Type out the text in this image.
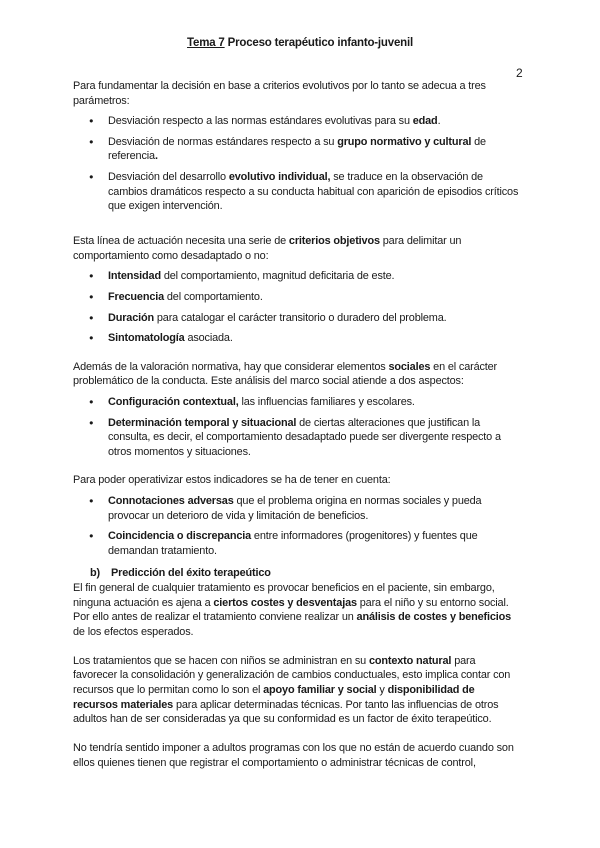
Tema 7 Proceso terapéutico infanto-juvenil
2

Para fundamentar la decisión en base a criterios evolutivos por lo tanto se adecua a tres parámetros:

● Desviación respecto a las normas estándares evolutivas para su edad.
● Desviación de normas estándares respecto a su grupo normativo y cultural de referencia.
● Desviación del desarrollo evolutivo individual, se traduce en la observación de cambios dramáticos respecto a su conducta habitual con aparición de episodios críticos que exigen intervención.

Esta línea de actuación necesita una serie de criterios objetivos para delimitar un comportamiento como desadaptado o no:

● Intensidad del comportamiento, magnitud deficitaria de este.
● Frecuencia del comportamiento.
● Duración para catalogar el carácter transitorio o duradero del problema.
● Sintomatología asociada.

Además de la valoración normativa, hay que considerar elementos sociales en el carácter problemático de la conducta. Este análisis del marco social atiende a dos aspectos:

● Configuración contextual, las influencias familiares y escolares.
● Determinación temporal y situacional de ciertas alteraciones que justifican la consulta, es decir, el comportamiento desadaptado puede ser divergente respecto a otros momentos y situaciones.

Para poder operativizar estos indicadores se ha de tener en cuenta:

● Connotaciones adversas que el problema origina en normas sociales y pueda provocar un deterioro de vida y limitación de beneficios.
● Coincidencia o discrepancia entre informadores (progenitores) y fuentes que demandan tratamiento.

b) Predicción del éxito terapeútico

El fin general de cualquier tratamiento es provocar beneficios en el paciente, sin embargo, ninguna actuación es ajena a ciertos costes y desventajas para el niño y su entorno social. Por ello antes de realizar el tratamiento conviene realizar un análisis de costes y beneficios de los efectos esperados.

Los tratamientos que se hacen con niños se administran en su contexto natural para favorecer la consolidación y generalización de cambios conductuales, esto implica contar con recursos que lo permitan como lo son el apoyo familiar y social y disponibilidad de recursos materiales para aplicar determinadas técnicas. Por tanto las influencias de otros adultos han de ser consideradas ya que su conformidad es un factor de éxito terapeútico.

No tendría sentido imponer a adultos programas con los que no están de acuerdo cuando son ellos quienes tienen que registrar el comportamiento o administrar técnicas de control,
